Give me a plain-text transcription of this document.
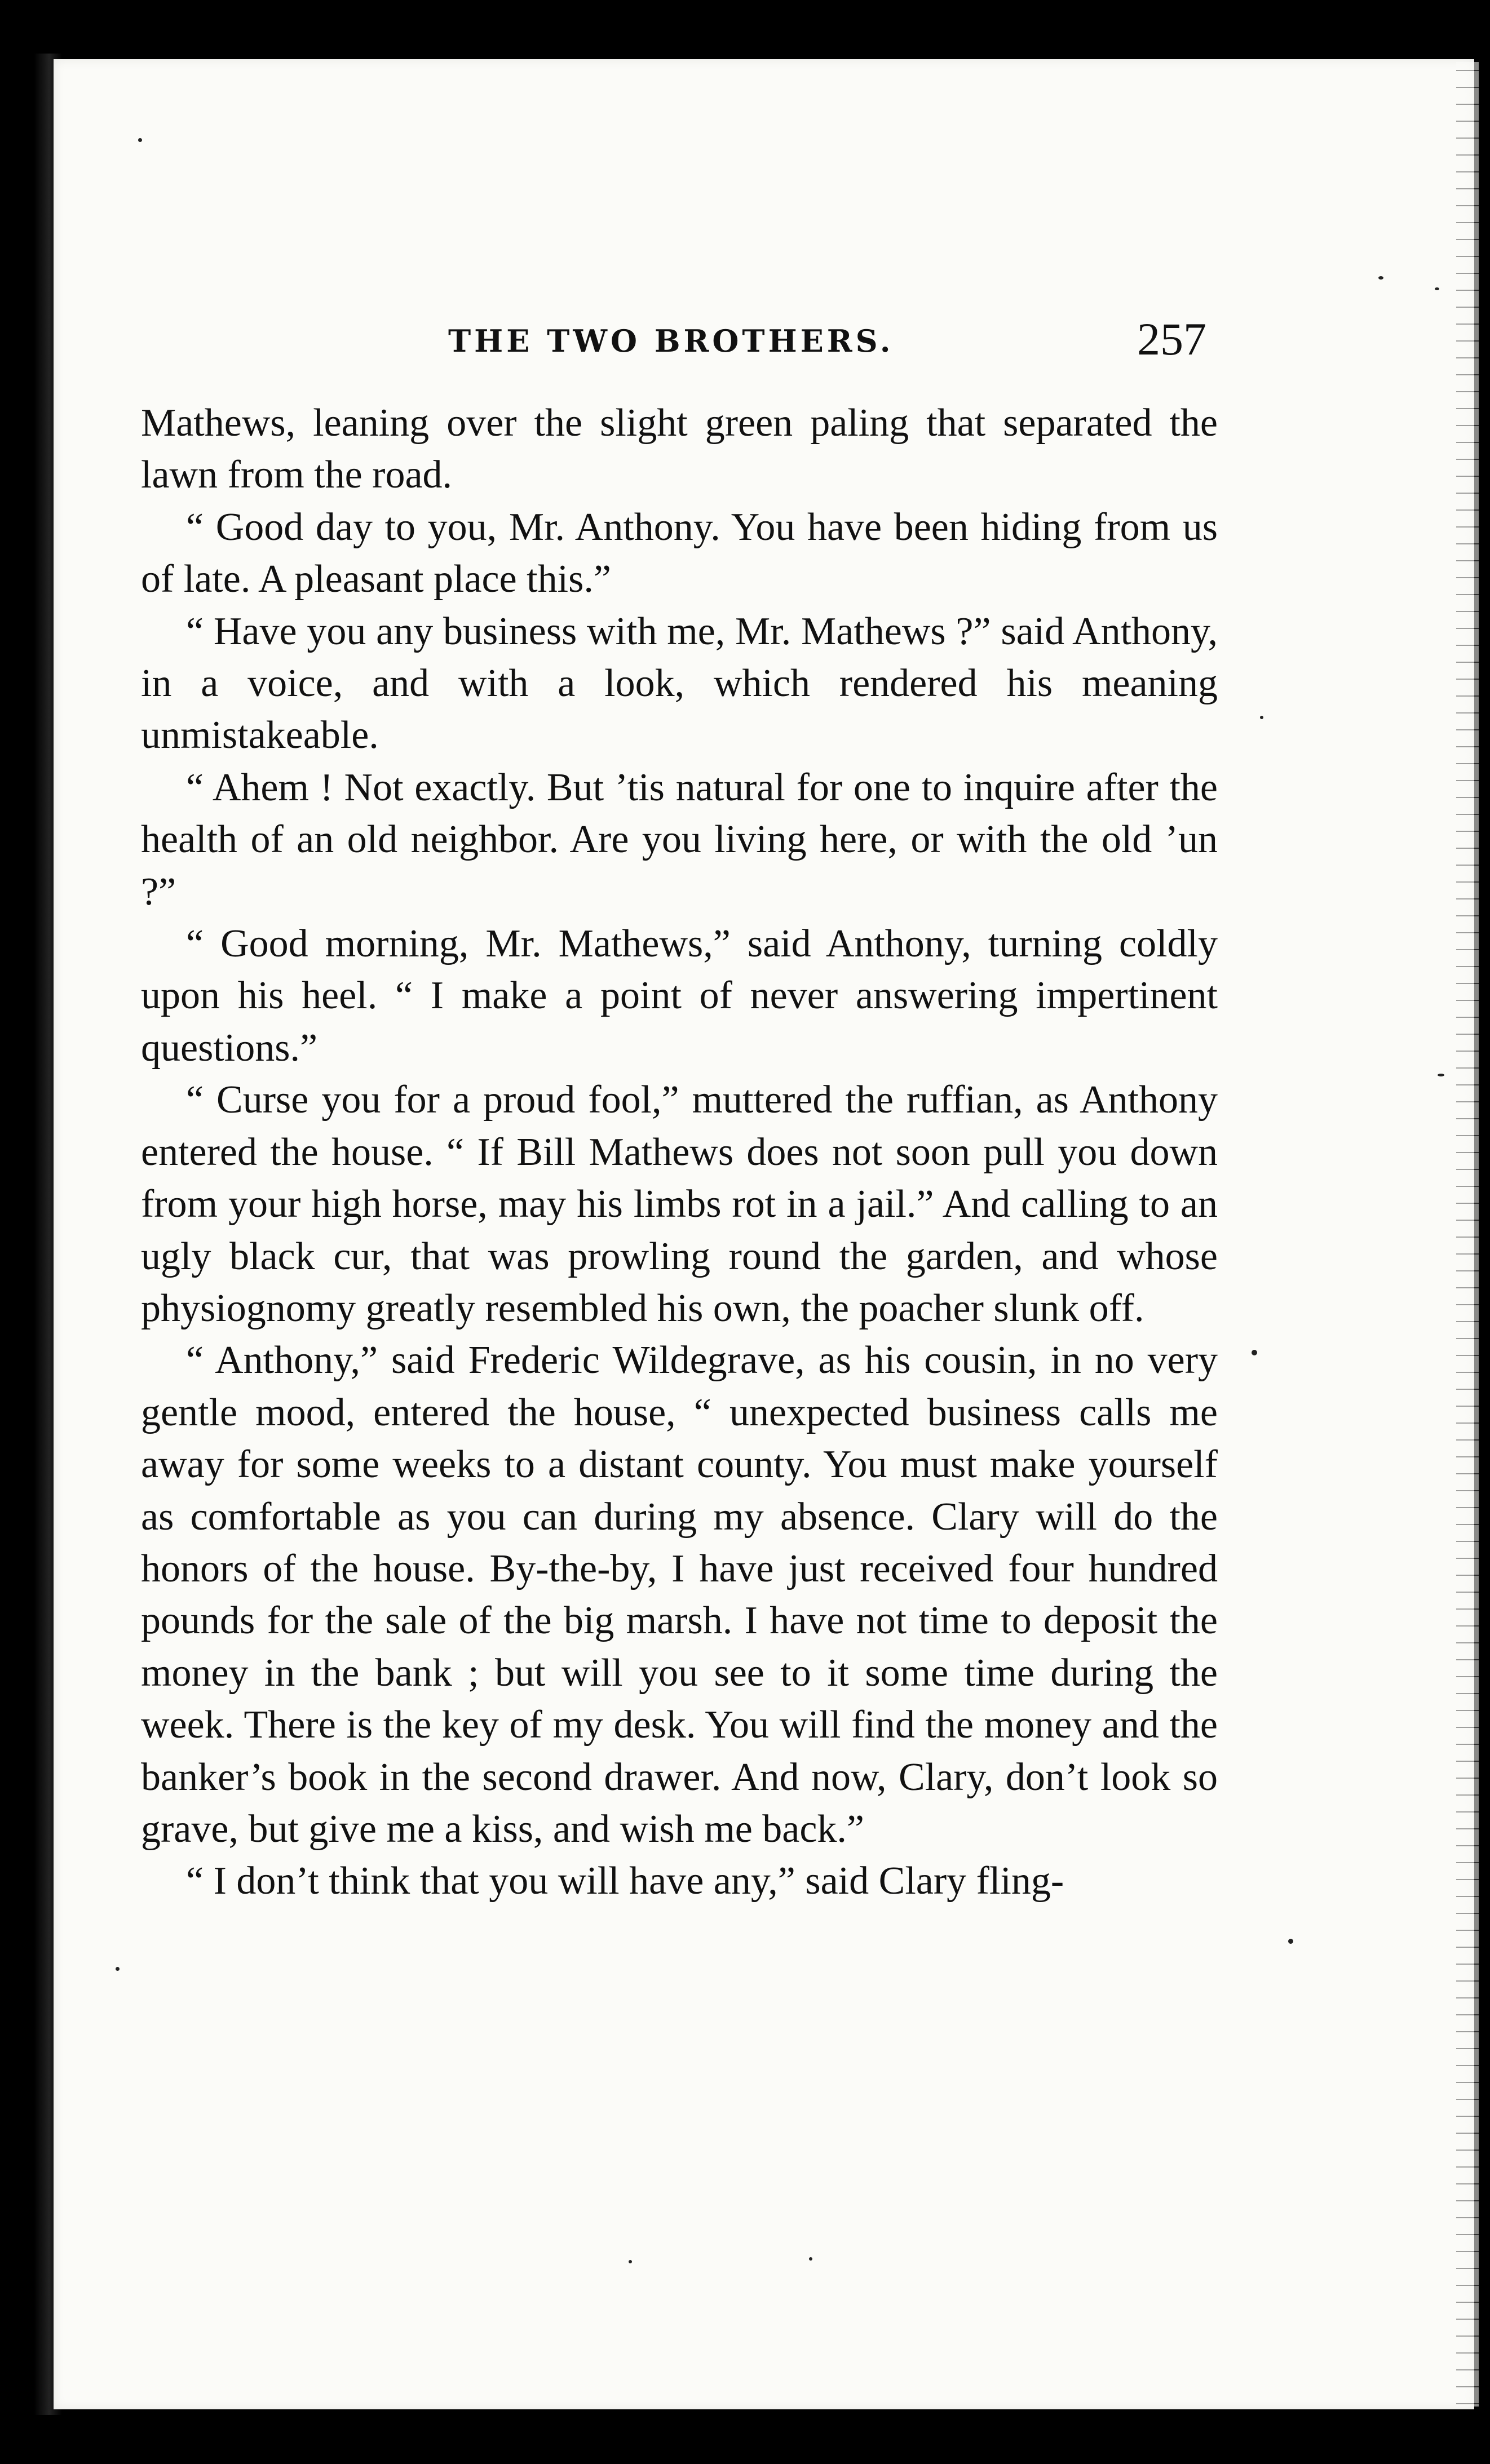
THE TWO BROTHERS.	257

Mathews, leaning over the slight green paling that separated the lawn from the road.

“ Good day to you, Mr. Anthony. You have been hiding from us of late. A pleasant place this.”

“ Have you any business with me, Mr. Mathews ?” said Anthony, in a voice, and with a look, which rendered his meaning unmistakeable.

“ Ahem ! Not exactly. But ’tis natural for one to inquire after the health of an old neighbor. Are you living here, or with the old ’un ?”

“ Good morning, Mr. Mathews,” said Anthony, turning coldly upon his heel. “ I make a point of never answering impertinent questions.”

“ Curse you for a proud fool,” muttered the ruffian, as Anthony entered the house. “ If Bill Mathews does not soon pull you down from your high horse, may his limbs rot in a jail.” And calling to an ugly black cur, that was prowling round the garden, and whose physiognomy greatly resembled his own, the poacher slunk off.

“ Anthony,” said Frederic Wildegrave, as his cousin, in no very gentle mood, entered the house, “ unexpected business calls me away for some weeks to a distant county. You must make yourself as comfortable as you can during my absence. Clary will do the honors of the house. By-the-by, I have just received four hundred pounds for the sale of the big marsh. I have not time to deposit the money in the bank ; but will you see to it some time during the week. There is the key of my desk. You will find the money and the banker’s book in the second drawer. And now, Clary, don’t look so grave, but give me a kiss, and wish me back.”

“ I don’t think that you will have any,” said Clary fling-
